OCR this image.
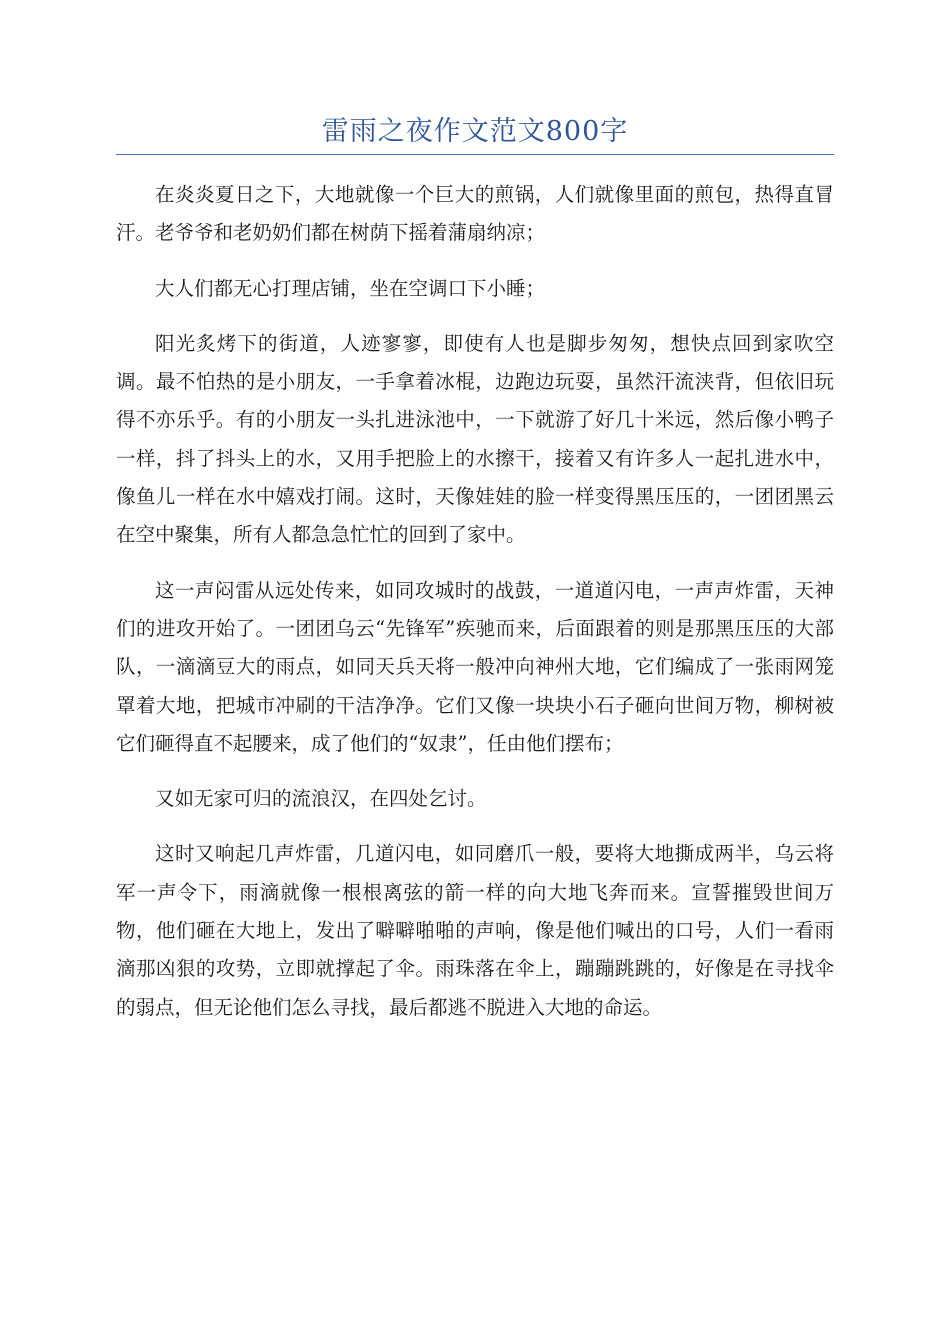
雷雨之夜作文范文800字

在炎炎夏日之下，大地就像一个巨大的煎锅，人们就像里面的煎包，热得直冒汗。老爷爷和老奶奶们都在树荫下摇着蒲扇纳凉；

大人们都无心打理店铺，坐在空调口下小睡；

阳光炙烤下的街道，人迹寥寥，即使有人也是脚步匆匆，想快点回到家吹空调。最不怕热的是小朋友，一手拿着冰棍，边跑边玩耍，虽然汗流浃背，但依旧玩得不亦乐乎。有的小朋友一头扎进泳池中，一下就游了好几十米远，然后像小鸭子一样，抖了抖头上的水，又用手把脸上的水擦干，接着又有许多人一起扎进水中，像鱼儿一样在水中嬉戏打闹。这时，天像娃娃的脸一样变得黑压压的，一团团黑云在空中聚集，所有人都急急忙忙的回到了家中。

这一声闷雷从远处传来，如同攻城时的战鼓，一道道闪电，一声声炸雷，天神们的进攻开始了。一团团乌云“先锋军”疾驰而来，后面跟着的则是那黑压压的大部队，一滴滴豆大的雨点，如同天兵天将一般冲向神州大地，它们编成了一张雨网笼罩着大地，把城市冲刷的干洁净净。它们又像一块块小石子砸向世间万物，柳树被它们砸得直不起腰来，成了他们的“奴隶”，任由他们摆布；

又如无家可归的流浪汉，在四处乞讨。

这时又响起几声炸雷，几道闪电，如同磨爪一般，要将大地撕成两半，乌云将军一声令下，雨滴就像一根根离弦的箭一样的向大地飞奔而来。宣誓摧毁世间万物，他们砸在大地上，发出了噼噼啪啪的声响，像是他们喊出的口号，人们一看雨滴那凶狠的攻势，立即就撑起了伞。雨珠落在伞上，蹦蹦跳跳的，好像是在寻找伞的弱点，但无论他们怎么寻找，最后都逃不脱进入大地的命运。
